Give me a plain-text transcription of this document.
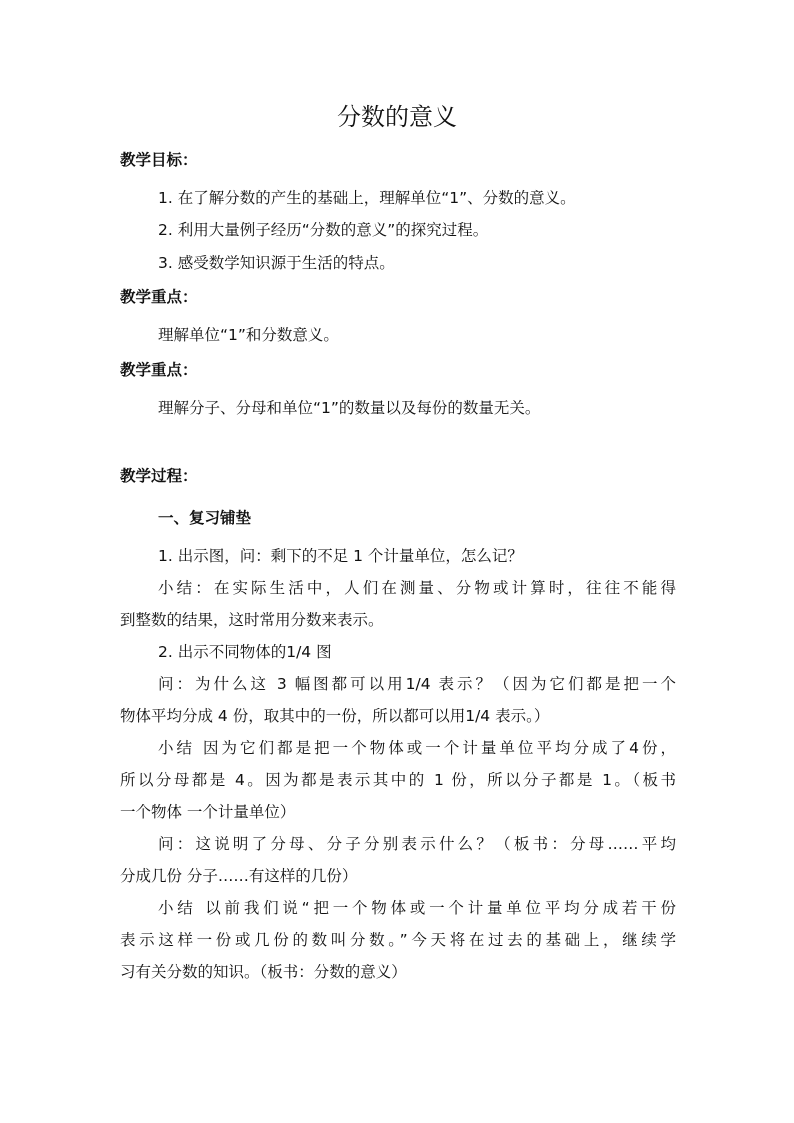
分数的意义
教学目标：
1. 在了解分数的产生的基础上，理解单位“1”、分数的意义。
2. 利用大量例子经历“分数的意义”的探究过程。
3. 感受数学知识源于生活的特点。
教学重点：
理解单位“1”和分数意义。
教学重点：
理解分子、分母和单位“1”的数量以及每份的数量无关。
教学过程：
一、复习铺垫
1. 出示图，问：剩下的不足 1 个计量单位，怎么记？
小结：在实际生活中，人们在测量、分物或计算时，往往不能得
到整数的结果，这时常用分数来表示。
2. 出示不同物体的1/4 图
问：为什么这 3 幅图都可以用1/4 表示？（因为它们都是把一个
物体平均分成 4 份，取其中的一份，所以都可以用1/4 表示。）
小结 因为它们都是把一个物体或一个计量单位平均分成了4份，
所以分母都是 4。因为都是表示其中的 1 份，所以分子都是 1。（板书
一个物体 一个计量单位）
问：这说明了分母、分子分别表示什么？（板书：分母……平均
分成几份 分子……有这样的几份）
小结 以前我们说“把一个物体或一个计量单位平均分成若干份
表示这样一份或几份的数叫分数。”今天将在过去的基础上，继续学
习有关分数的知识。（板书：分数的意义）
